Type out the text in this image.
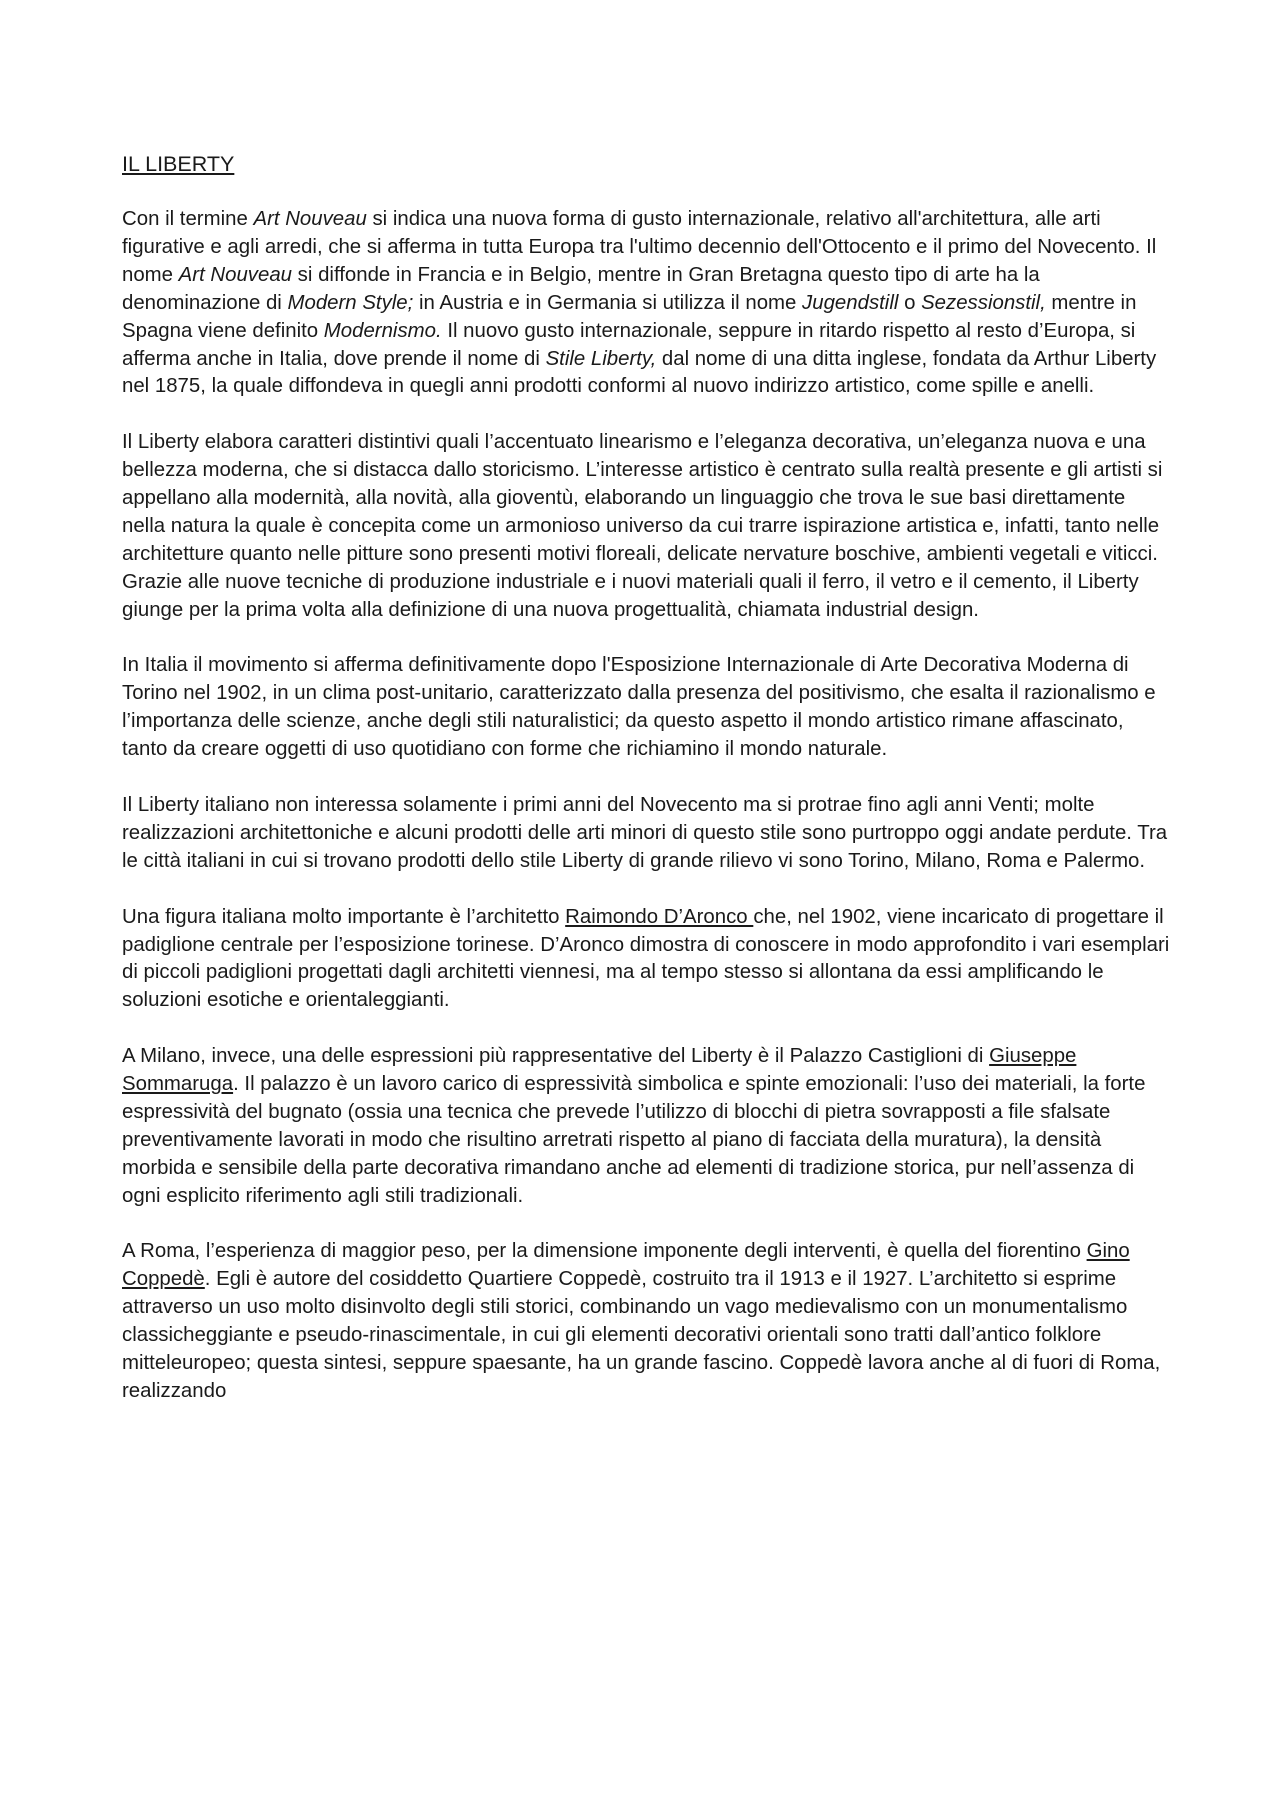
IL LIBERTY

Con il termine Art Nouveau si indica una nuova forma di gusto internazionale, relativo all'architettura, alle arti figurative e agli arredi, che si afferma in tutta Europa tra l'ultimo decennio dell'Ottocento e il primo del Novecento. Il nome Art Nouveau si diffonde in Francia e in Belgio, mentre in Gran Bretagna questo tipo di arte ha la denominazione di Modern Style; in Austria e in Germania si utilizza il nome Jugendstill o Sezessionstil, mentre in Spagna viene definito Modernismo. Il nuovo gusto internazionale, seppure in ritardo rispetto al resto d’Europa, si afferma anche in Italia, dove prende il nome di Stile Liberty, dal nome di una ditta inglese, fondata da Arthur Liberty nel 1875, la quale diffondeva in quegli anni prodotti conformi al nuovo indirizzo artistico, come spille e anelli.

Il Liberty elabora caratteri distintivi quali l’accentuato linearismo e l’eleganza decorativa, un’eleganza nuova e una bellezza moderna, che si distacca dallo storicismo. L’interesse artistico è centrato sulla realtà presente e gli artisti si appellano alla modernità, alla novità, alla gioventù, elaborando un linguaggio che trova le sue basi direttamente nella natura la quale è concepita come un armonioso universo da cui trarre ispirazione artistica e, infatti, tanto nelle architetture quanto nelle pitture sono presenti motivi floreali, delicate nervature boschive, ambienti vegetali e viticci. Grazie alle nuove tecniche di produzione industriale e i nuovi materiali quali il ferro, il vetro e il cemento, il Liberty giunge per la prima volta alla definizione di una nuova progettualità, chiamata industrial design.

In Italia il movimento si afferma definitivamente dopo l'Esposizione Internazionale di Arte Decorativa Moderna di Torino nel 1902, in un clima post-unitario, caratterizzato dalla presenza del positivismo, che esalta il razionalismo e l’importanza delle scienze, anche degli stili naturalistici; da questo aspetto il mondo artistico rimane affascinato, tanto da creare oggetti di uso quotidiano con forme che richiamino il mondo naturale.

Il Liberty italiano non interessa solamente i primi anni del Novecento ma si protrae fino agli anni Venti; molte realizzazioni architettoniche e alcuni prodotti delle arti minori di questo stile sono purtroppo oggi andate perdute. Tra le città italiani in cui si trovano prodotti dello stile Liberty di grande rilievo vi sono Torino, Milano, Roma e Palermo.

Una figura italiana molto importante è l’architetto Raimondo D’Aronco che, nel 1902, viene incaricato di progettare il padiglione centrale per l’esposizione torinese. D’Aronco dimostra di conoscere in modo approfondito i vari esemplari di piccoli padiglioni progettati dagli architetti viennesi, ma al tempo stesso si allontana da essi amplificando le soluzioni esotiche e orientaleggianti.

A Milano, invece, una delle espressioni più rappresentative del Liberty è il Palazzo Castiglioni di Giuseppe Sommaruga. Il palazzo è un lavoro carico di espressività simbolica e spinte emozionali: l’uso dei materiali, la forte espressività del bugnato (ossia una tecnica che prevede l’utilizzo di blocchi di pietra sovrapposti a file sfalsate preventivamente lavorati in modo che risultino arretrati rispetto al piano di facciata della muratura), la densità morbida e sensibile della parte decorativa rimandano anche ad elementi di tradizione storica, pur nell’assenza di ogni esplicito riferimento agli stili tradizionali.

A Roma, l’esperienza di maggior peso, per la dimensione imponente degli interventi, è quella del fiorentino Gino Coppedè. Egli è autore del cosiddetto Quartiere Coppedè, costruito tra il 1913 e il 1927. L’architetto si esprime attraverso un uso molto disinvolto degli stili storici, combinando un vago medievalismo con un monumentalismo classicheggiante e pseudo-rinascimentale, in cui gli elementi decorativi orientali sono tratti dall’antico folklore mitteleuropeo; questa sintesi, seppure spaesante, ha un grande fascino. Coppedè lavora anche al di fuori di Roma, realizzando
